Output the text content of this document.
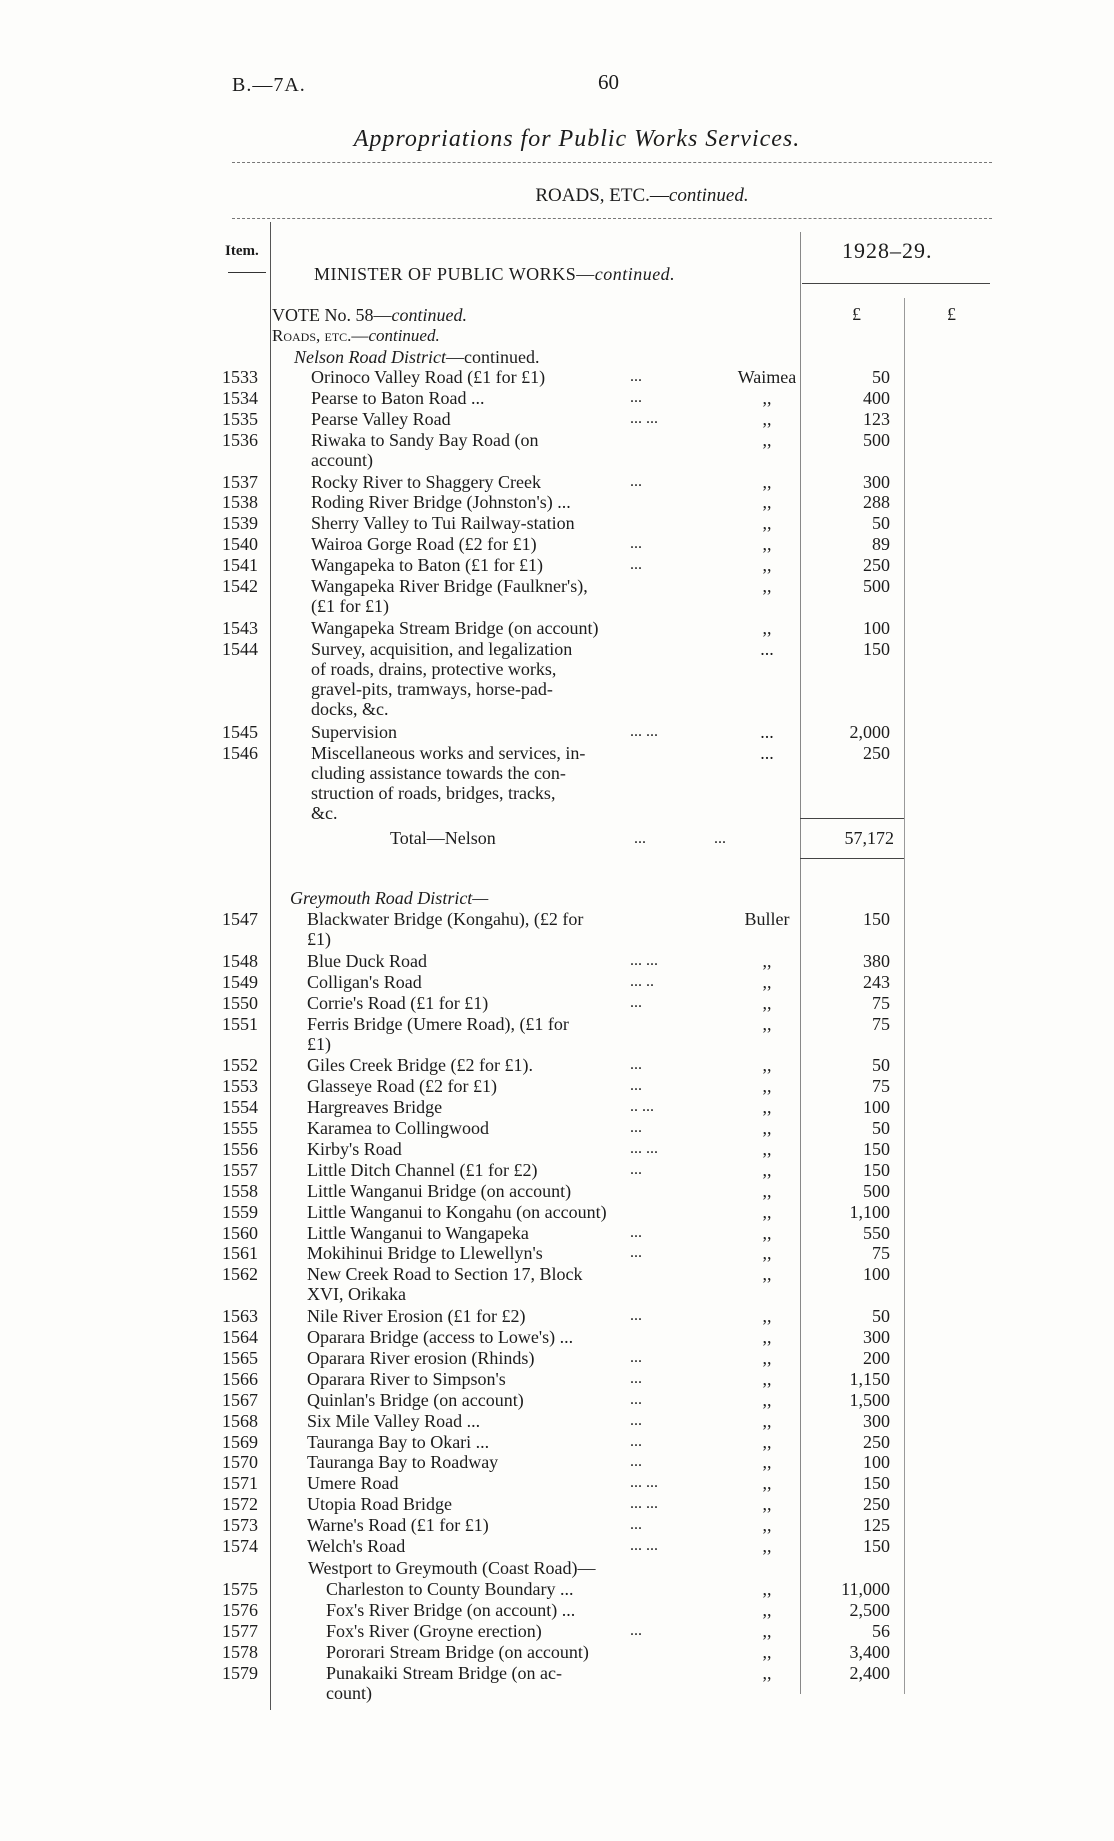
B.—7A.	60
Appropriations for Public Works Services.
ROADS, ETC.—continued.
Item.
MINISTER OF PUBLIC WORKS—continued.
1928–29.
£	£
VOTE No. 58—continued.
Roads, etc.—continued.
Nelson Road District—continued.
1533	Orinoco Valley Road (£1 for £1)	...	Waimea	50
1534	Pearse to Baton Road ...	...	,,	400
1535	Pearse Valley Road	... ...	,,	123
1536	Riwaka to Sandy Bay Road (on
account)
,,	500
1537	Rocky River to Shaggery Creek	...	,,	300
1538	Roding River Bridge (Johnston's) ...	,,	288
1539	Sherry Valley to Tui Railway-station	,,	50
1540	Wairoa Gorge Road (£2 for £1)	...	,,	89
1541	Wangapeka to Baton (£1 for £1)	...	,,	250
1542	Wangapeka River Bridge (Faulkner's),
(£1 for £1)
,,	500
1543	Wangapeka Stream Bridge (on account)	,,	100
1544	Survey, acquisition, and legalization
of roads, drains, protective works,
gravel-pits, tramways, horse-pad-
docks, &c.
...	150
1545	Supervision	... ...	...	2,000
1546	Miscellaneous works and services, in-
cluding assistance towards the con-
struction of roads, bridges, tracks,
&c.
...	250
Total—Nelson	...	...	57,172
Greymouth Road District—
1547	Blackwater Bridge (Kongahu), (£2 for
£1)
Buller	150
1548	Blue Duck Road	... ...	,,	380
1549	Colligan's Road	... ..	,,	243
1550	Corrie's Road (£1 for £1)	...	,,	75
1551	Ferris Bridge (Umere Road), (£1 for
£1)
,,	75
1552	Giles Creek Bridge (£2 for £1).	...	,,	50
1553	Glasseye Road (£2 for £1)	...	,,	75
1554	Hargreaves Bridge	.. ...	,,	100
1555	Karamea to Collingwood	...	,,	50
1556	Kirby's Road	... ...	,,	150
1557	Little Ditch Channel (£1 for £2)	...	,,	150
1558	Little Wanganui Bridge (on account)	,,	500
1559	Little Wanganui to Kongahu (on account)	,,	1,100
1560	Little Wanganui to Wangapeka	...	,,	550
1561	Mokihinui Bridge to Llewellyn's	...	,,	75
1562	New Creek Road to Section 17, Block
XVI, Orikaka
,,	100
1563	Nile River Erosion (£1 for £2)	...	,,	50
1564	Oparara Bridge (access to Lowe's) ...	,,	300
1565	Oparara River erosion (Rhinds)	...	,,	200
1566	Oparara River to Simpson's	...	,,	1,150
1567	Quinlan's Bridge (on account)	...	,,	1,500
1568	Six Mile Valley Road ...	...	,,	300
1569	Tauranga Bay to Okari ...	...	,,	250
1570	Tauranga Bay to Roadway	...	,,	100
1571	Umere Road	... ...	,,	150
1572	Utopia Road Bridge	... ...	,,	250
1573	Warne's Road (£1 for £1)	...	,,	125
1574	Welch's Road	... ...	,,	150
Westport to Greymouth (Coast Road)—
1575	Charleston to County Boundary ...	,,	11,000
1576	Fox's River Bridge (on account) ...	,,	2,500
1577	Fox's River (Groyne erection)	...	,,	56
1578	Pororari Stream Bridge (on account)	,,	3,400
1579	Punakaiki Stream Bridge (on ac-
count)
,,	2,400
